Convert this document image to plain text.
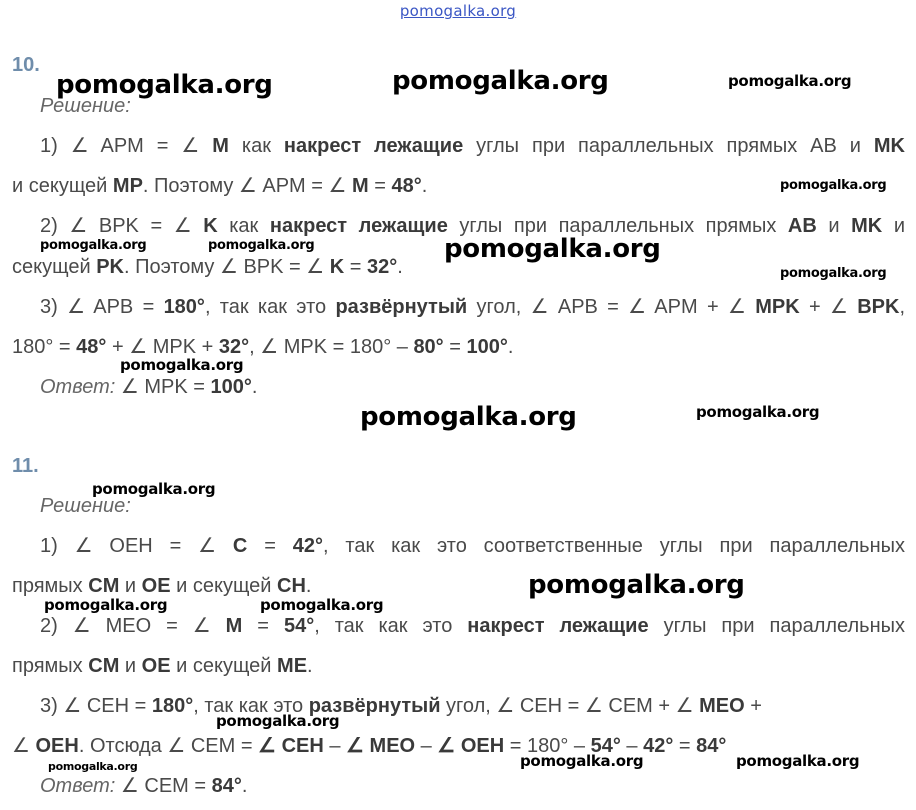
pomogalka.org
10.
Решение:
1) ∠ APM = ∠ M как накрест лежащие углы при параллельных прямых AB и MK
и секущей MP. Поэтому ∠ APM = ∠ M = 48°.
2) ∠ BPK = ∠ K как накрест лежащие углы при параллельных прямых AB и MK и
секущей PK. Поэтому ∠ BPK = ∠ K = 32°.
3) ∠ APB = 180°, так как это развёрнутый угол, ∠ APB = ∠ APM + ∠ MPK + ∠ BPK,
180° = 48° + ∠ MPK + 32°, ∠ MPK = 180° – 80° = 100°.
Ответ: ∠ MPK = 100°.
11.
Решение:
1) ∠ OEH = ∠ C = 42°, так как это соответственные углы при параллельных
прямых CM и OE и секущей CH.
2) ∠ MEO = ∠ M = 54°, так как это накрест лежащие углы при параллельных
прямых CM и OE и секущей ME.
3) ∠ CEH = 180°, так как это развёрнутый угол, ∠ CEH = ∠ CEM + ∠ MEO +
∠ OEH. Отсюда ∠ CEM = ∠ CEH – ∠ MEO – ∠ OEH = 180° – 54° – 42° = 84°
Ответ: ∠ CEM = 84°.
pomogalka.org	pomogalka.org	pomogalka.org
pomogalka.org
pomogalka.org	pomogalka.org	pomogalka.org
pomogalka.org
pomogalka.org
pomogalka.org	pomogalka.org
pomogalka.org
pomogalka.org
pomogalka.org	pomogalka.org
pomogalka.org
pomogalka.org	pomogalka.org	pomogalka.org
